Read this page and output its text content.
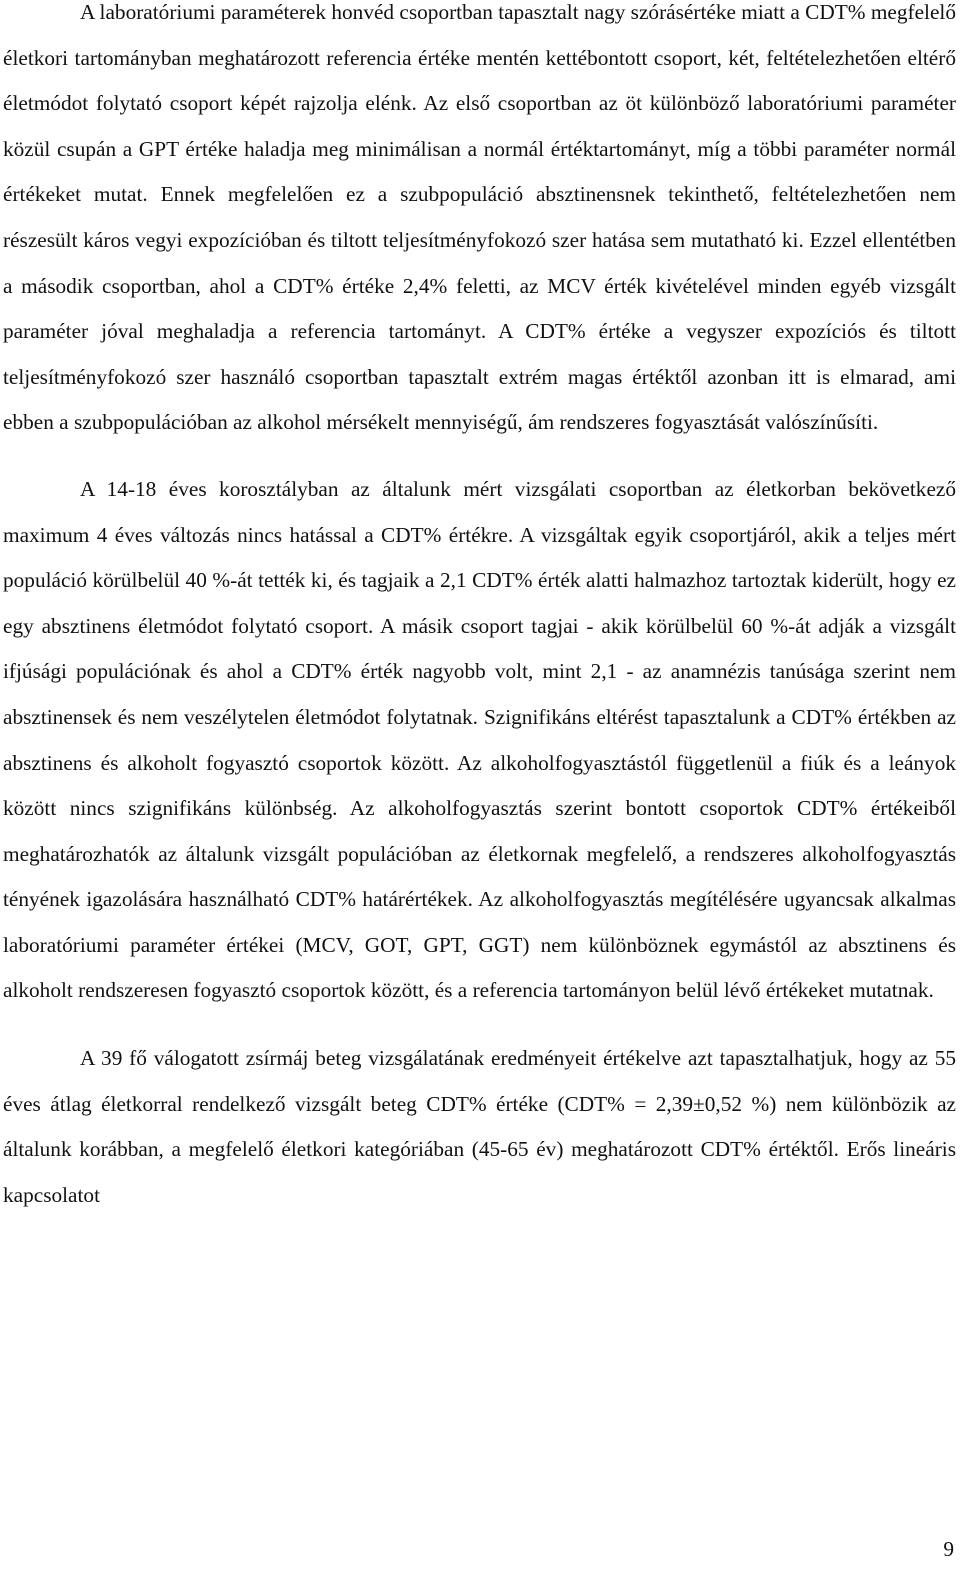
A laboratóriumi paraméterek honvéd csoportban tapasztalt nagy szórásértéke miatt a CDT% megfelelő életkori tartományban meghatározott referencia értéke mentén kettébontott csoport, két, feltételezhetően eltérő életmódot folytató csoport képét rajzolja elénk. Az első csoportban az öt különböző laboratóriumi paraméter közül csupán a GPT értéke haladja meg minimálisan a normál értéktartományt, míg a többi paraméter normál értékeket mutat. Ennek megfelelően ez a szubpopuláció absztinensnek tekinthető, feltételezhetően nem részesült káros vegyi expozícióban és tiltott teljesítményfokozó szer hatása sem mutatható ki. Ezzel ellentétben a második csoportban, ahol a CDT% értéke 2,4% feletti, az MCV érték kivételével minden egyéb vizsgált paraméter jóval meghaladja a referencia tartományt. A CDT% értéke a vegyszer expozíciós és tiltott teljesítményfokozó szer használó csoportban tapasztalt extrém magas értéktől azonban itt is elmarad, ami ebben a szubpopulációban az alkohol mérsékelt mennyiségű, ám rendszeres fogyasztását valószínűsíti.

A 14-18 éves korosztályban az általunk mért vizsgálati csoportban az életkorban bekövetkező maximum 4 éves változás nincs hatással a CDT% értékre. A vizsgáltak egyik csoportjáról, akik a teljes mért populáció körülbelül 40 %-át tették ki, és tagjaik a 2,1 CDT% érték alatti halmazhoz tartoztak kiderült, hogy ez egy absztinens életmódot folytató csoport. A másik csoport tagjai - akik körülbelül 60 %-át adják a vizsgált ifjúsági populációnak és ahol a CDT% érték nagyobb volt, mint 2,1 - az anamnézis tanúsága szerint nem absztinensek és nem veszélytelen életmódot folytatnak. Szignifikáns eltérést tapasztalunk a CDT% értékben az absztinens és alkoholt fogyasztó csoportok között. Az alkoholfogyasztástól függetlenül a fiúk és a leányok között nincs szignifikáns különbség. Az alkoholfogyasztás szerint bontott csoportok CDT% értékeiből meghatározhatók az általunk vizsgált populációban az életkornak megfelelő, a rendszeres alkoholfogyasztás tényének igazolására használható CDT% határértékek. Az alkoholfogyasztás megítélésére ugyancsak alkalmas laboratóriumi paraméter értékei (MCV, GOT, GPT, GGT) nem különböznek egymástól az absztinens és alkoholt rendszeresen fogyasztó csoportok között, és a referencia tartományon belül lévő értékeket mutatnak.

A 39 fő válogatott zsírmáj beteg vizsgálatának eredményeit értékelve azt tapasztalhatjuk, hogy az 55 éves átlag életkorral rendelkező vizsgált beteg CDT% értéke (CDT% = 2,39±0,52 %) nem különbözik az általunk korábban, a megfelelő életkori kategóriában (45-65 év) meghatározott CDT% értéktől. Erős lineáris kapcsolatot

9
